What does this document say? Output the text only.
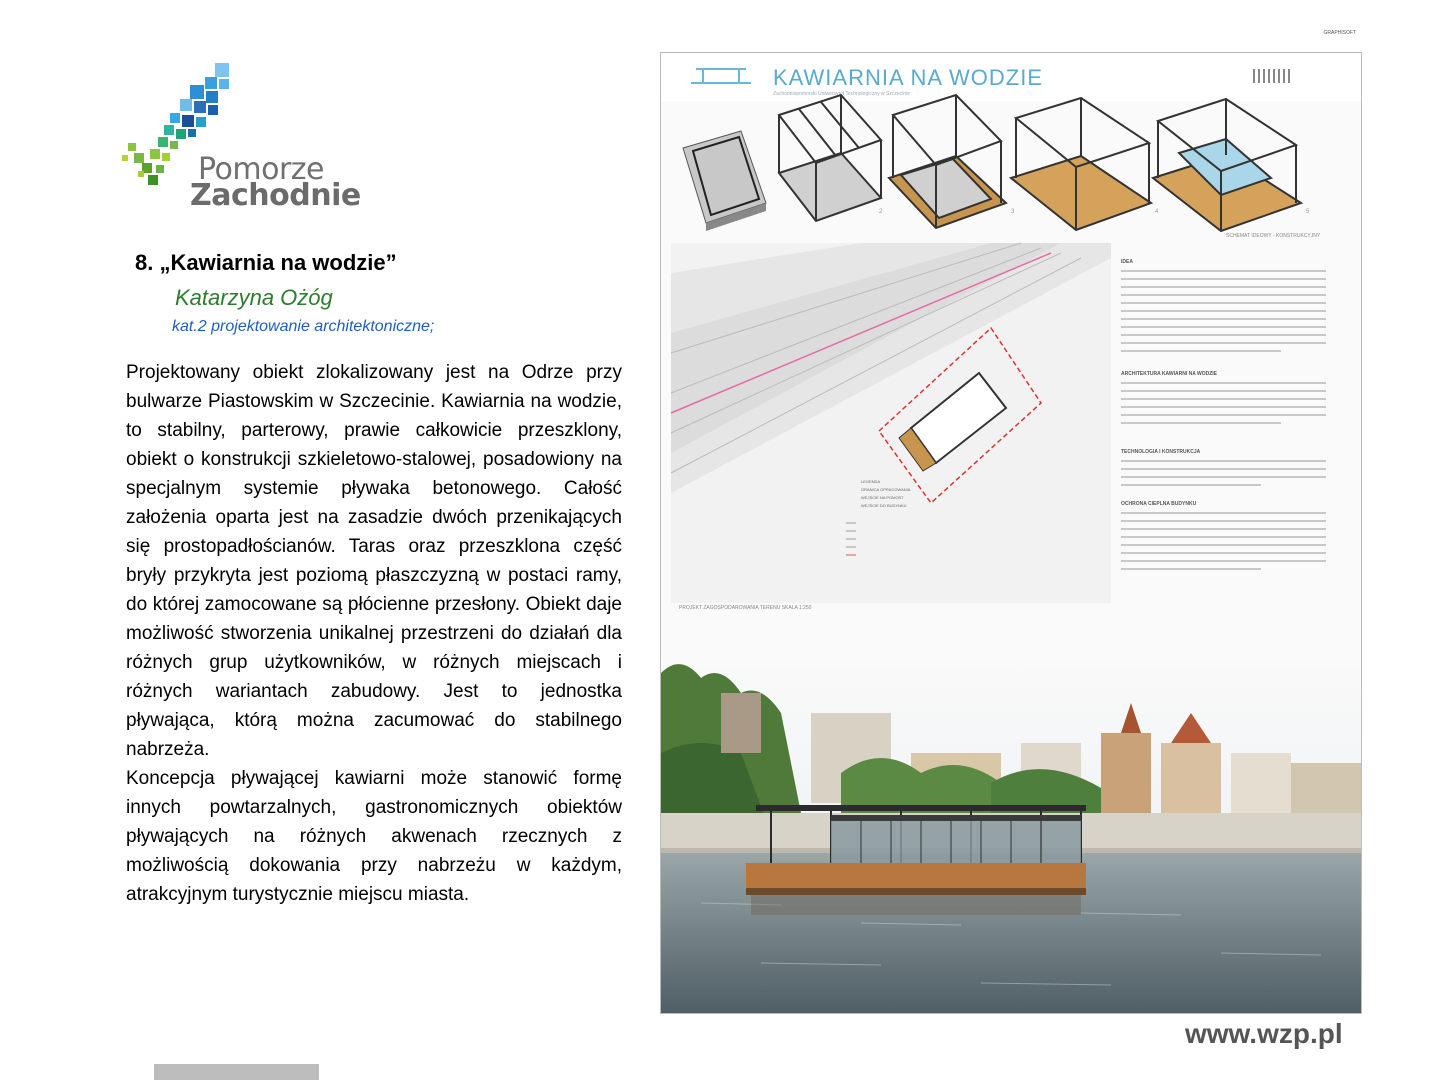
Pomorze
Zachodnie
8. „Kawiarnia na wodzie”
Katarzyna Ożóg
kat.2 projektowanie architektoniczne;

Projektowany obiekt zlokalizowany jest na Odrze przy bulwarze Piastowskim w Szczecinie. Kawiarnia na wodzie, to stabilny, parterowy, prawie całkowicie przeszklony, obiekt o konstrukcji szkieletowo-stalowej, posadowiony na specjalnym systemie pływaka betonowego. Całość założenia oparta jest na zasadzie dwóch przenikających się prostopadłościanów. Taras oraz przeszklona część bryły przykryta jest poziomą płaszczyzną w postaci ramy, do której zamocowane są płócienne przesłony. Obiekt daje możliwość stworzenia unikalnej przestrzeni do działań dla różnych grup użytkowników, w różnych miejscach i różnych wariantach zabudowy. Jest to jednostka pływająca, którą można zacumować do stabilnego nabrzeża.

Koncepcja pływającej kawiarni może stanowić formę innych powtarzalnych, gastronomicznych obiektów pływających na różnych akwenach rzecznych z możliwością dokowania przy nabrzeżu w każdym, atrakcyjnym turystycznie miejscu miasta.

GRAPHISOFT
KAWIARNIA NA WODZIE
Zachodniopomorski Uniwersytet Technologiczny w Szczecinie
1	2	3	4	5
SCHEMAT IDEOWY - KONSTRUKCYJNY
LEGENDA
GRANICA OPRACOWANIA
WEJŚCIE NA POMOST
WEJŚCIE DO BUDYNKU
PROJEKT ZAGOSPODAROWANIA TERENU SKALA 1:250
IDEA
ARCHITEKTURA KAWIARNI NA WODZIE
TECHNOLOGIA I KONSTRUKCJA
OCHRONA CIEPLNA BUDYNKU
www.wzp.pl
